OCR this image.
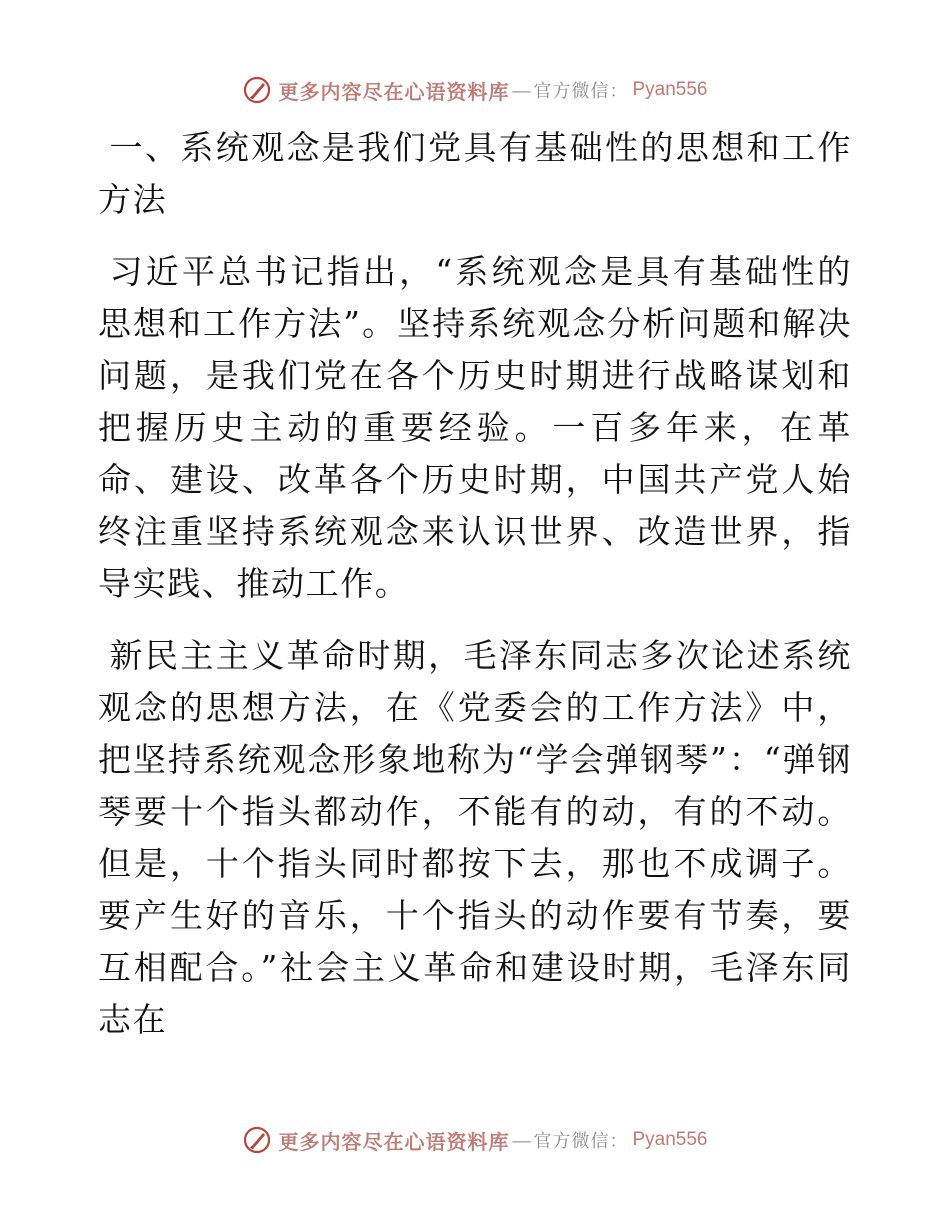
更多内容尽在心语资料库 — 官方微信： Pyan556

一、系统观念是我们党具有基础性的思想和工作方法

习近平总书记指出，“系统观念是具有基础性的思想和工作方法”。坚持系统观念分析问题和解决问题，是我们党在各个历史时期进行战略谋划和把握历史主动的重要经验。一百多年来，在革命、建设、改革各个历史时期，中国共产党人始终注重坚持系统观念来认识世界、改造世界，指导实践、推动工作。

新民主主义革命时期，毛泽东同志多次论述系统观念的思想方法，在《党委会的工作方法》中，把坚持系统观念形象地称为“学会弹钢琴”：“弹钢琴要十个指头都动作，不能有的动，有的不动。但是，十个指头同时都按下去，那也不成调子。要产生好的音乐，十个指头的动作要有节奏，要互相配合。”社会主义革命和建设时期，毛泽东同志在

更多内容尽在心语资料库 — 官方微信： Pyan556
